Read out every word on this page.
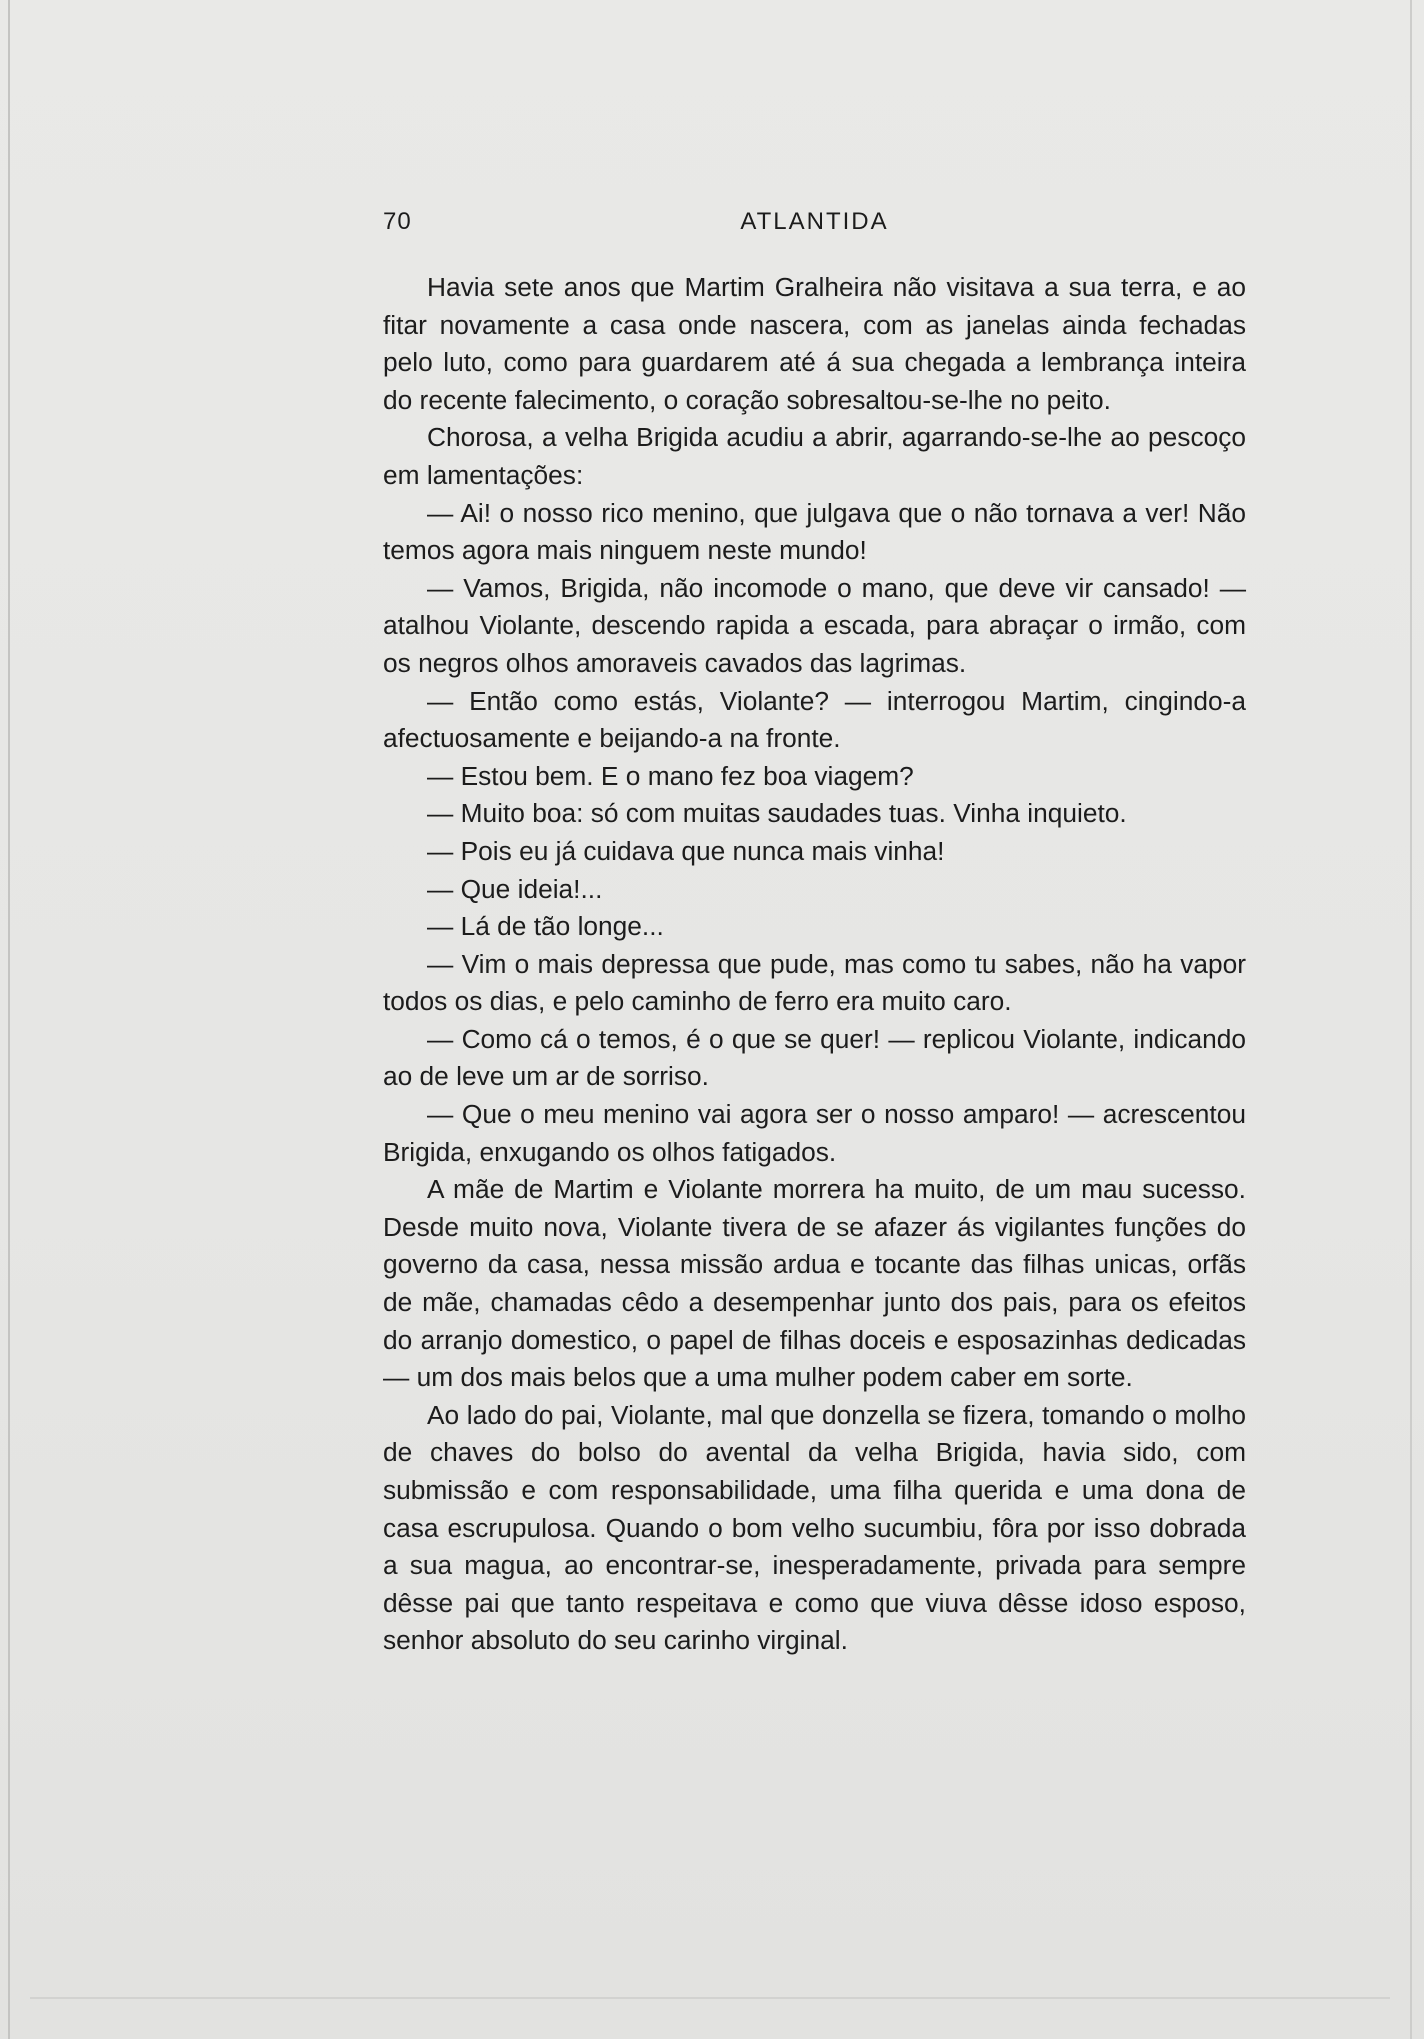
70	ATLANTIDA

Havia sete anos que Martim Gralheira não visitava a sua terra, e ao fitar novamente a casa onde nascera, com as janelas ainda fechadas pelo luto, como para guardarem até á sua chegada a lembrança inteira do recente falecimento, o coração sobresaltou-se-lhe no peito.

Chorosa, a velha Brigida acudiu a abrir, agarrando-se-lhe ao pescoço em lamentações:

— Ai! o nosso rico menino, que julgava que o não tornava a ver! Não temos agora mais ninguem neste mundo!

— Vamos, Brigida, não incomode o mano, que deve vir cansado! — atalhou Violante, descendo rapida a escada, para abraçar o irmão, com os negros olhos amoraveis cavados das lagrimas.

— Então como estás, Violante? — interrogou Martim, cingindo-a afectuosamente e beijando-a na fronte.

— Estou bem. E o mano fez boa viagem?

— Muito boa: só com muitas saudades tuas. Vinha inquieto.

— Pois eu já cuidava que nunca mais vinha!

— Que ideia!...

— Lá de tão longe...

— Vim o mais depressa que pude, mas como tu sabes, não ha vapor todos os dias, e pelo caminho de ferro era muito caro.

— Como cá o temos, é o que se quer! — replicou Violante, indicando ao de leve um ar de sorriso.

— Que o meu menino vai agora ser o nosso amparo! — acrescentou Brigida, enxugando os olhos fatigados.

A mãe de Martim e Violante morrera ha muito, de um mau sucesso. Desde muito nova, Violante tivera de se afazer ás vigilantes funções do governo da casa, nessa missão ardua e tocante das filhas unicas, orfãs de mãe, chamadas cêdo a desempenhar junto dos pais, para os efeitos do arranjo domestico, o papel de filhas doceis e esposazinhas dedicadas — um dos mais belos que a uma mulher podem caber em sorte.

Ao lado do pai, Violante, mal que donzella se fizera, tomando o molho de chaves do bolso do avental da velha Brigida, havia sido, com submissão e com responsabilidade, uma filha querida e uma dona de casa escrupulosa. Quando o bom velho sucumbiu, fôra por isso dobrada a sua magua, ao encontrar-se, inesperadamente, privada para sempre dêsse pai que tanto respeitava e como que viuva dêsse idoso esposo, senhor absoluto do seu carinho virginal.
